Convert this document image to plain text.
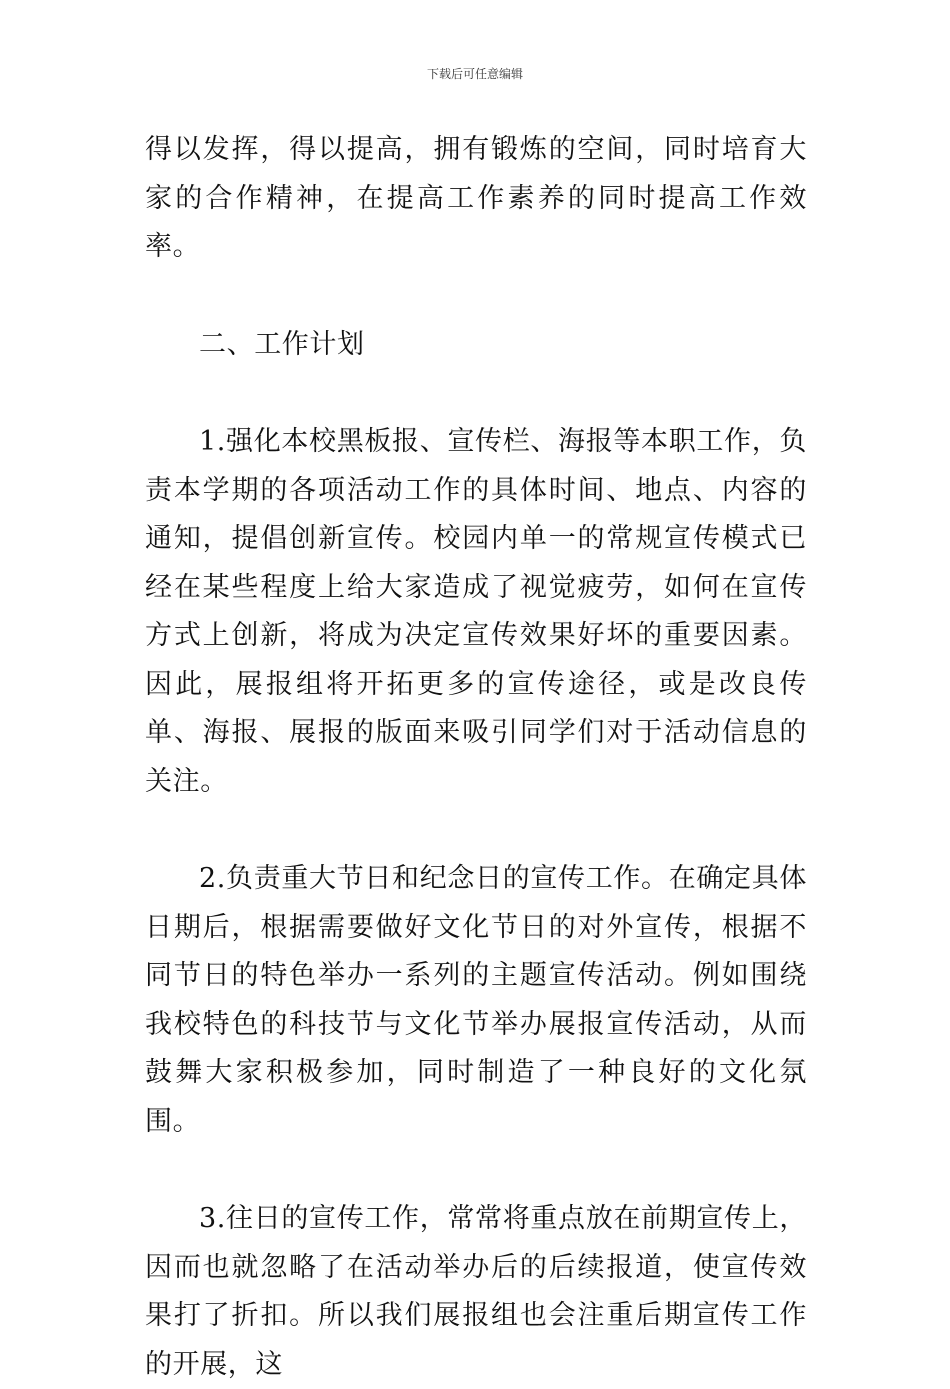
下载后可任意编辑

得以发挥，得以提高，拥有锻炼的空间，同时培育大家的合作精神，在提高工作素养的同时提高工作效率。

二、工作计划

1.强化本校黑板报、宣传栏、海报等本职工作，负责本学期的各项活动工作的具体时间、地点、内容的通知，提倡创新宣传。校园内单一的常规宣传模式已经在某些程度上给大家造成了视觉疲劳，如何在宣传方式上创新，将成为决定宣传效果好坏的重要因素。因此，展报组将开拓更多的宣传途径，或是改良传单、海报、展报的版面来吸引同学们对于活动信息的关注。

2.负责重大节日和纪念日的宣传工作。在确定具体日期后，根据需要做好文化节日的对外宣传，根据不同节日的特色举办一系列的主题宣传活动。例如围绕我校特色的科技节与文化节举办展报宣传活动，从而鼓舞大家积极参加，同时制造了一种良好的文化氛围。

3.往日的宣传工作，常常将重点放在前期宣传上，因而也就忽略了在活动举办后的后续报道，使宣传效果打了折扣。所以我们展报组也会注重后期宣传工作的开展，这
